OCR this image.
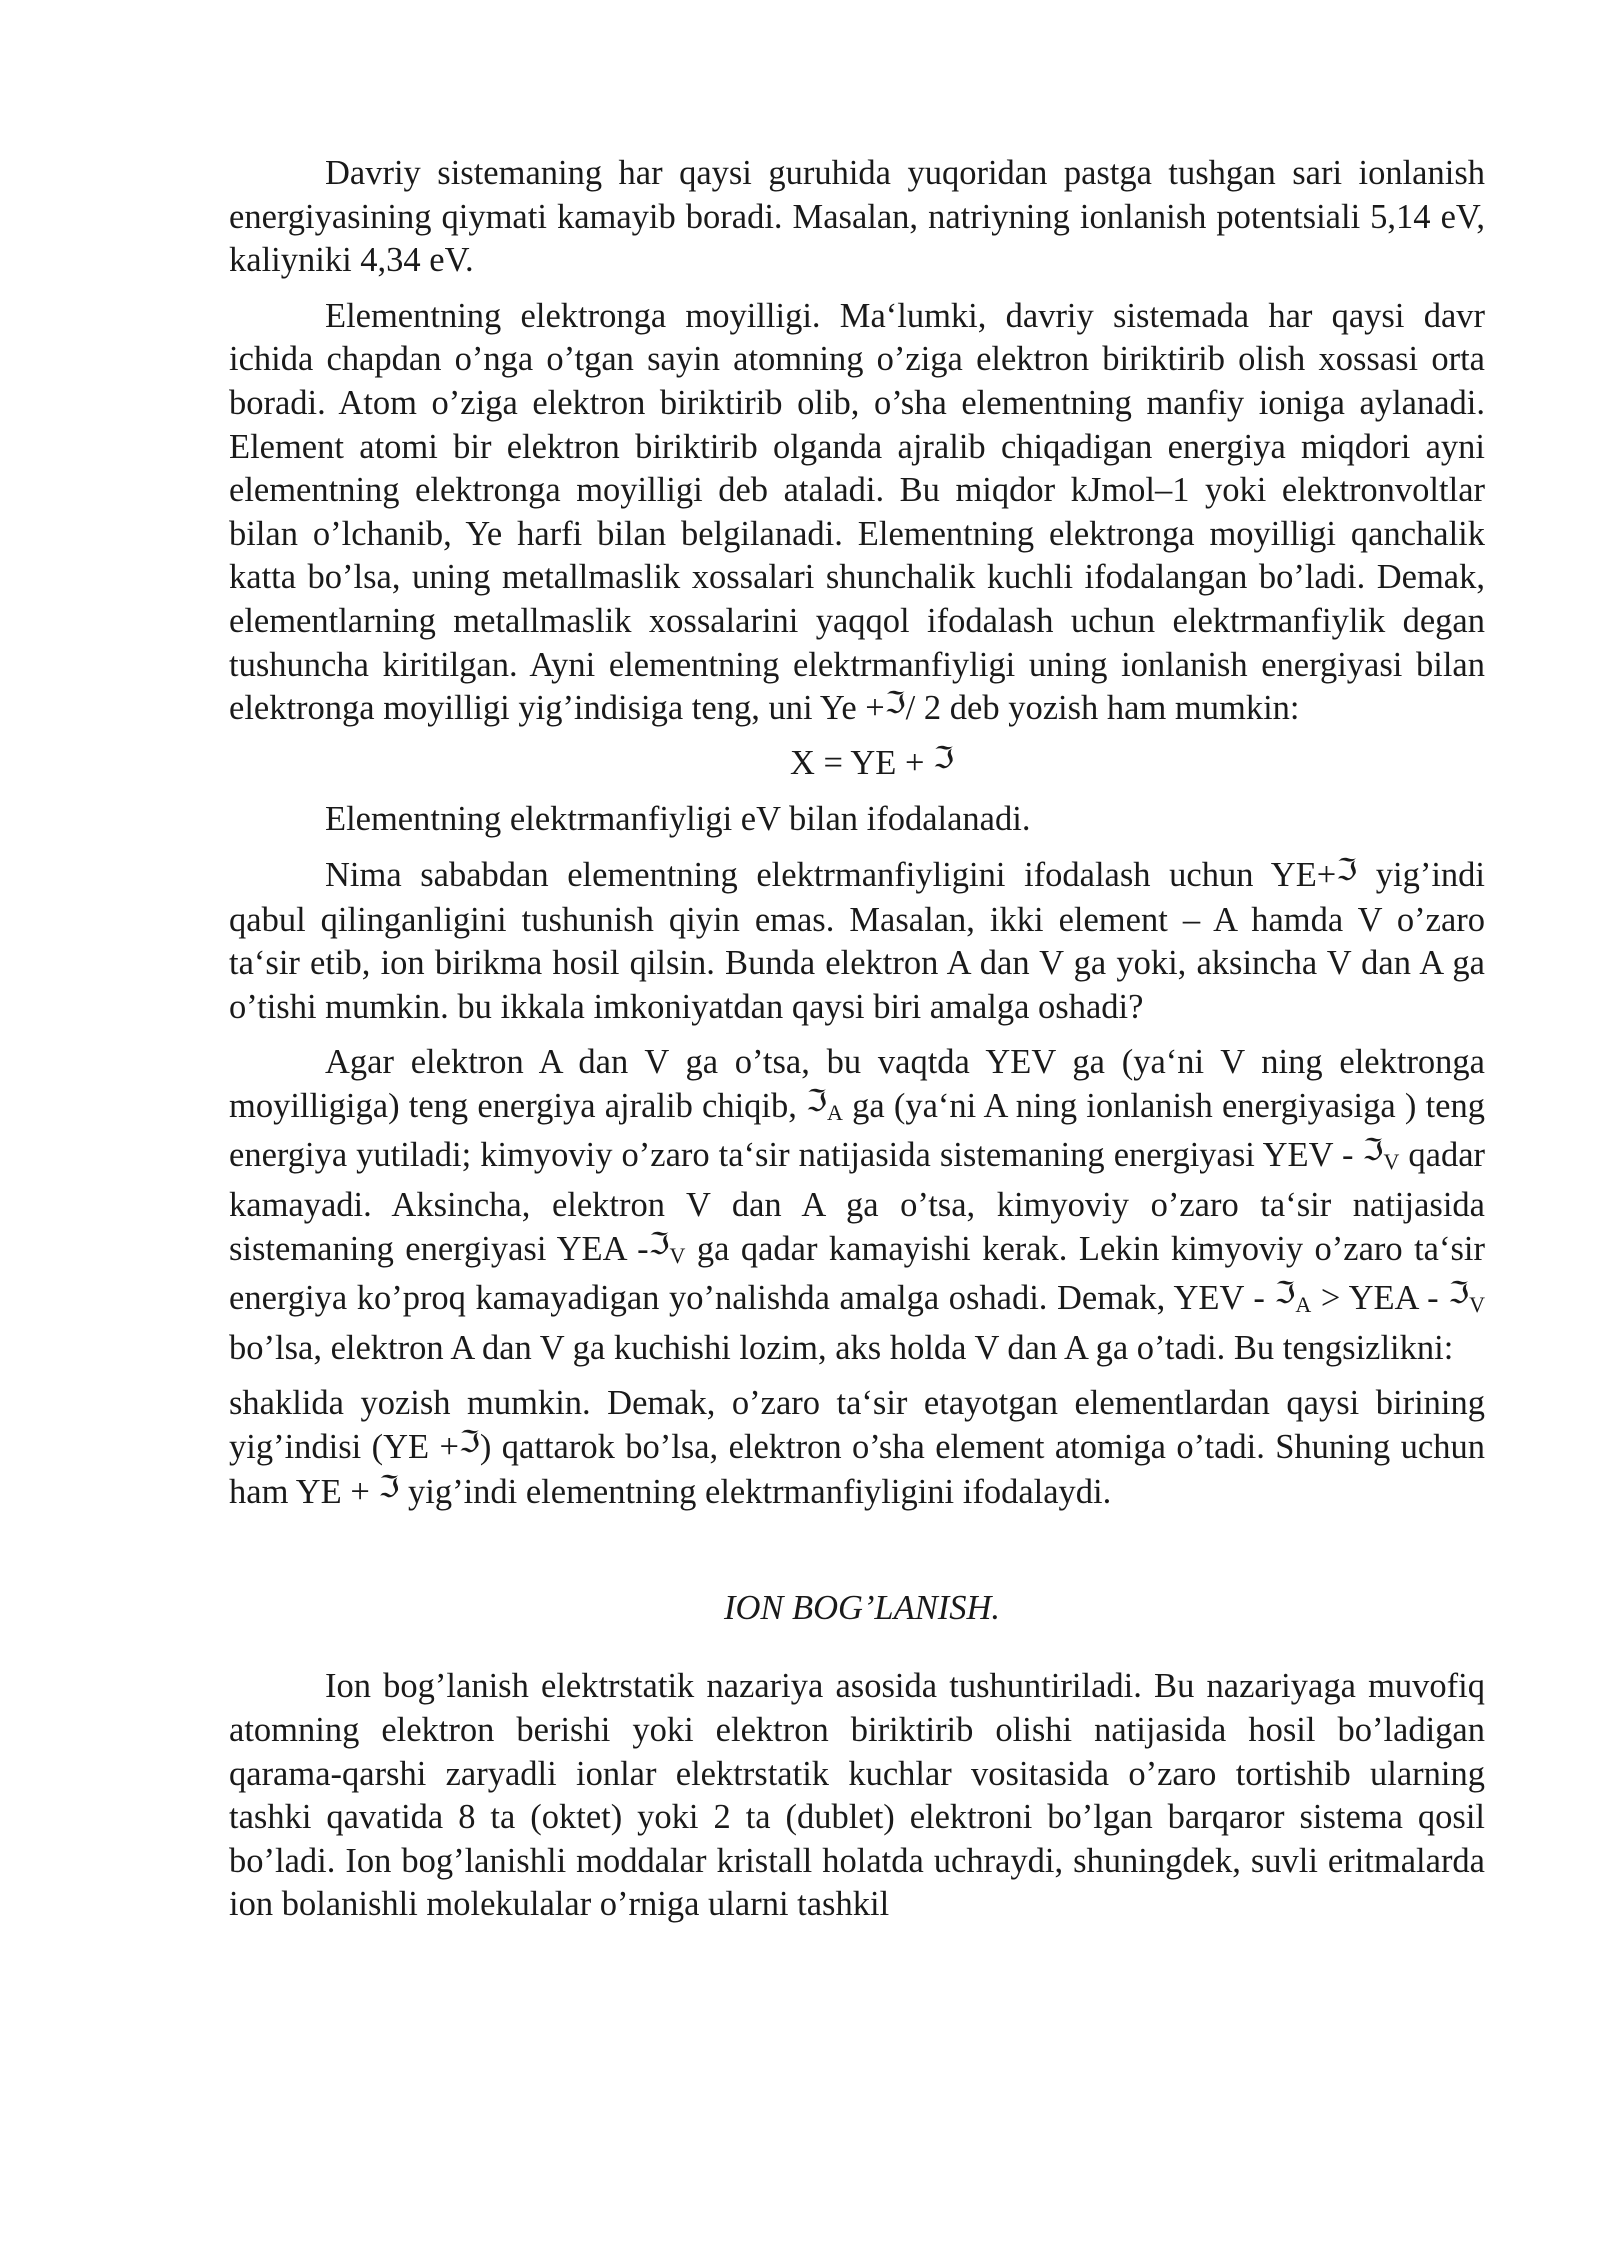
Davriy sistemaning har qaysi guruhida yuqoridan pastga tushgan sari ionlanish energiyasining qiymati kamayib boradi. Masalan, natriyning ionlanish potentsiali 5,14 eV, kaliyniki 4,34 eV.

Elementning elektronga moyilligi. Ma‘lumki, davriy sistemada har qaysi davr ichida chapdan o’nga o’tgan sayin atomning o’ziga elektron biriktirib olish xossasi orta boradi. Atom o’ziga elektron biriktirib olib, o’sha elementning manfiy ioniga aylanadi. Element atomi bir elektron biriktirib olganda ajralib chiqadigan energiya miqdori ayni elementning elektronga moyilligi deb ataladi. Bu miqdor kJmol–1 yoki elektronvoltlar bilan o’lchanib, Ye harfi bilan belgilanadi. Elementning elektronga moyilligi qanchalik katta bo’lsa, uning metallmaslik xossalari shunchalik kuchli ifodalangan bo’ladi. Demak, elementlarning metallmaslik xossalarini yaqqol ifodalash uchun elektrmanfiylik degan tushuncha kiritilgan. Ayni elementning elektrmanfiyligi uning ionlanish energiyasi bilan elektronga moyilligi yig’indisiga teng, uni Ye +ℑ/ 2 deb yozish ham mumkin:

X = YE + ℑ

Elementning elektrmanfiyligi eV bilan ifodalanadi.

Nima sababdan elementning elektrmanfiyligini ifodalash uchun YE+ℑ yig’indi qabul qilinganligini tushunish qiyin emas. Masalan, ikki element – A hamda V o’zaro ta‘sir etib, ion birikma hosil qilsin. Bunda elektron A dan V ga yoki, aksincha V dan A ga o’tishi mumkin. bu ikkala imkoniyatdan qaysi biri amalga oshadi?

Agar elektron A dan V ga o’tsa, bu vaqtda YEV ga (ya‘ni V ning elektronga moyilligiga) teng energiya ajralib chiqib, ℑ$_A$ ga (ya‘ni A ning ionlanish energiyasiga ) teng energiya yutiladi; kimyoviy o’zaro ta‘sir natijasida sistemaning energiyasi YEV - ℑ$_V$ qadar kamayadi. Aksincha, elektron V dan A ga o’tsa, kimyoviy o’zaro ta‘sir natijasida sistemaning energiyasi YEA -ℑ$_V$ ga qadar kamayishi kerak. Lekin kimyoviy o’zaro ta‘sir energiya ko’proq kamayadigan yo’nalishda amalga oshadi. Demak, YEV - ℑ$_A$ > YEA - ℑ$_V$ bo’lsa, elektron A dan V ga kuchishi lozim, aks holda V dan A ga o’tadi. Bu tengsizlikni:

shaklida yozish mumkin. Demak, o’zaro ta‘sir etayotgan elementlardan qaysi birining yig’indisi (YE +ℑ) qattarok bo’lsa, elektron o’sha element atomiga o’tadi. Shuning uchun ham YE + ℑ yig’indi elementning elektrmanfiyligini ifodalaydi.

ION BOG’LANISH.

Ion bog’lanish elektrstatik nazariya asosida tushuntiriladi. Bu nazariyaga muvofiq atomning elektron berishi yoki elektron biriktirib olishi natijasida hosil bo’ladigan qarama-qarshi zaryadli ionlar elektrstatik kuchlar vositasida o’zaro tortishib ularning tashki qavatida 8 ta (oktet) yoki 2 ta (dublet) elektroni bo’lgan barqaror sistema qosil bo’ladi. Ion bog’lanishli moddalar kristall holatda uchraydi, shuningdek, suvli eritmalarda ion bolanishli molekulalar o’rniga ularni tashkil
